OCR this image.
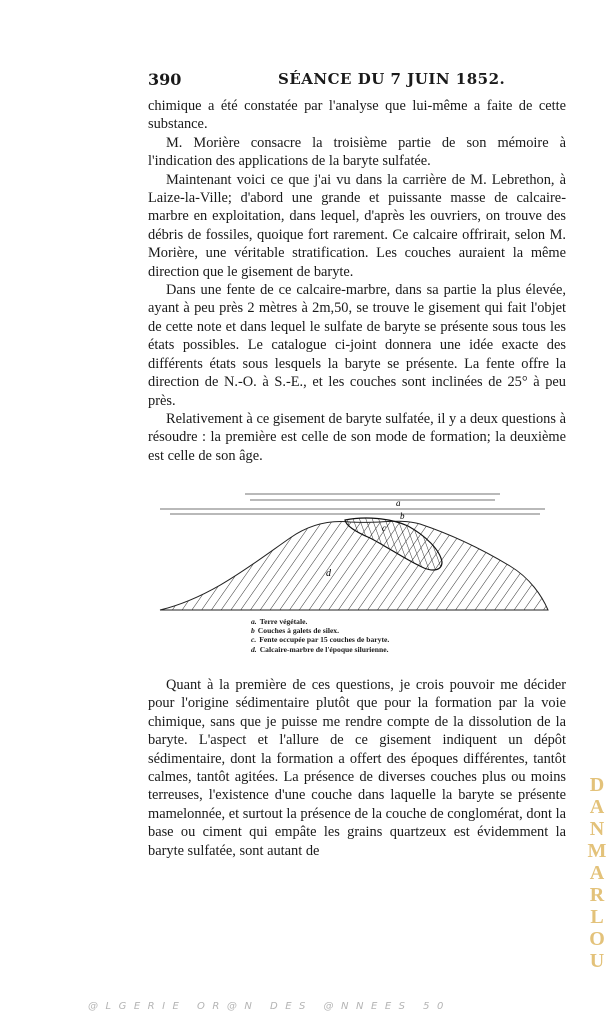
390	SÉANCE DU 7 JUIN 1852.

chimique a été constatée par l'analyse que lui-même a faite de cette substance.

M. Morière consacre la troisième partie de son mémoire à l'indication des applications de la baryte sulfatée.

Maintenant voici ce que j'ai vu dans la carrière de M. Lebrethon, à Laize-la-Ville; d'abord une grande et puissante masse de calcaire-marbre en exploitation, dans lequel, d'après les ouvriers, on trouve des débris de fossiles, quoique fort rarement. Ce calcaire offrirait, selon M. Morière, une véritable stratification. Les couches auraient la même direction que le gisement de baryte.

Dans une fente de ce calcaire-marbre, dans sa partie la plus élevée, ayant à peu près 2 mètres à 2m,50, se trouve le gisement qui fait l'objet de cette note et dans lequel le sulfate de baryte se présente sous tous les états possibles. Le catalogue ci-joint donnera une idée exacte des différents états sous lesquels la baryte se présente. La fente offre la direction de N.-O. à S.-E., et les couches sont inclinées de 25° à peu près.

Relativement à ce gisement de baryte sulfatée, il y a deux questions à résoudre : la première est celle de son mode de formation; la deuxième est celle de son âge.

a
b
c
d
a. Terre végétale.
b Couches à galets de silex.
c. Fente occupée par 15 couches de baryte.
d. Calcaire-marbre de l'époque silurienne.

Quant à la première de ces questions, je crois pouvoir me décider pour l'origine sédimentaire plutôt que pour la formation par la voie chimique, sans que je puisse me rendre compte de la dissolution de la baryte. L'aspect et l'allure de ce gisement indiquent un dépôt sédimentaire, dont la formation a offert des époques différentes, tantôt calmes, tantôt agitées. La présence de diverses couches plus ou moins terreuses, l'existence d'une couche dans laquelle la baryte se présente mamelonnée, et surtout la présence de la couche de conglomérat, dont la base ou ciment qui empâte les grains quartzeux est évidemment la baryte sulfatée, sont autant de

D
A
N
M
A
R
L
O
U
@LGERIE OR@N DES @NNEES 50
